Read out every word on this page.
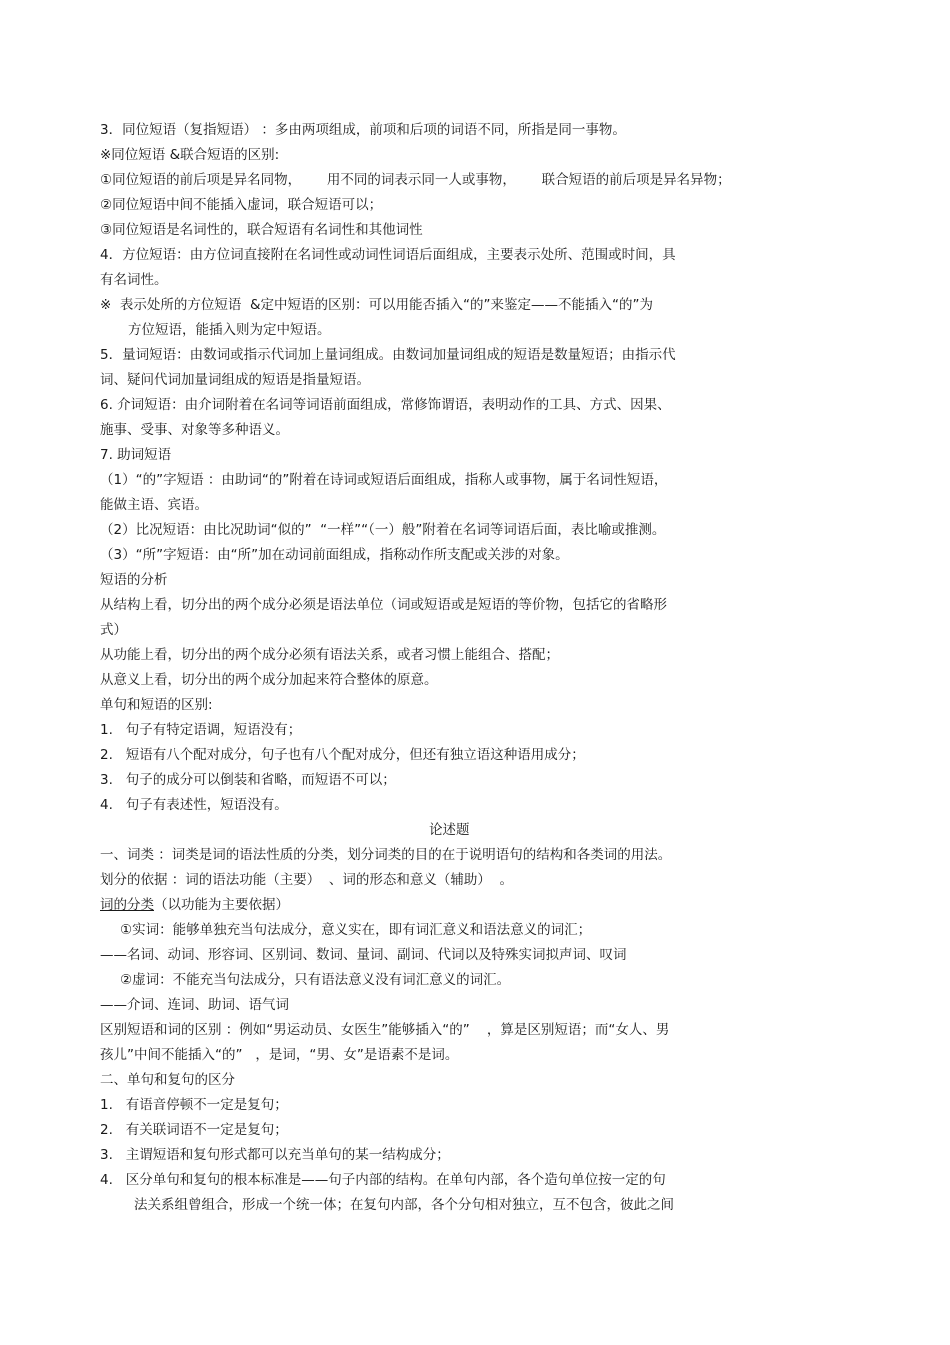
3．同位短语（复指短语） ：多由两项组成，前项和后项的词语不同，所指是同一事物。
※同位短语 &联合短语的区别:
①同位短语的前后项是异名同物，      用不同的词表示同一人或事物，      联合短语的前后项是异名异物；
②同位短语中间不能插入虚词，联合短语可以；
③同位短语是名词性的，联合短语有名词性和其他词性
4．方位短语：由方位词直接附在名词性或动词性词语后面组成，主要表示处所、范围或时间，具
有名词性。
※  表示处所的方位短语  &定中短语的区别：可以用能否插入“的”来鉴定——不能插入“的”为
方位短语，能插入则为定中短语。
5．量词短语：由数词或指示代词加上量词组成。由数词加量词组成的短语是数量短语；由指示代
词、疑问代词加量词组成的短语是指量短语。
6. 介词短语：由介词附着在名词等词语前面组成，常修饰谓语，表明动作的工具、方式、因果、
施事、受事、对象等多种语义。
7. 助词短语
（1）“的”字短语 ：由助词“的”附着在诗词或短语后面组成，指称人或事物，属于名词性短语，
能做主语、宾语。
（2）比况短语：由比况助词“似的”  “一样”“（一）般”附着在名词等词语后面，表比喻或推测。
（3）“所”字短语：由“所”加在动词前面组成，指称动作所支配或关涉的对象。
短语的分析
从结构上看，切分出的两个成分必须是语法单位（词或短语或是短语的等价物，包括它的省略形
式）
从功能上看，切分出的两个成分必须有语法关系，或者习惯上能组合、搭配；
从意义上看，切分出的两个成分加起来符合整体的原意。
单句和短语的区别:
1.   句子有特定语调，短语没有；
2.   短语有八个配对成分，句子也有八个配对成分，但还有独立语这种语用成分；
3.   句子的成分可以倒装和省略，而短语不可以；
4.   句子有表述性，短语没有。
论述题
一、词类 ：词类是词的语法性质的分类，划分词类的目的在于说明语句的结构和各类词的用法。
划分的依据 ：词的语法功能（主要）  、词的形态和意义（辅助）  。
词的分类（以功能为主要依据）
①实词：能够单独充当句法成分，意义实在，即有词汇意义和语法意义的词汇；
——名词、动词、形容词、区别词、数词、量词、副词、代词以及特殊实词拟声词、叹词
②虚词：不能充当句法成分，只有语法意义没有词汇意义的词汇。
——介词、连词、助词、语气词
区别短语和词的区别 ：例如“男运动员、女医生”能够插入“的”    ，算是区别短语；而“女人、男
孩儿”中间不能插入“的”   ，是词，“男、女”是语素不是词。
二、单句和复句的区分
1.   有语音停顿不一定是复句；
2.   有关联词语不一定是复句；
3.   主谓短语和复句形式都可以充当单句的某一结构成分；
4.   区分单句和复句的根本标准是——句子内部的结构。在单句内部，各个造句单位按一定的句
法关系组曾组合，形成一个统一体；在复句内部，各个分句相对独立，互不包含，彼此之间
